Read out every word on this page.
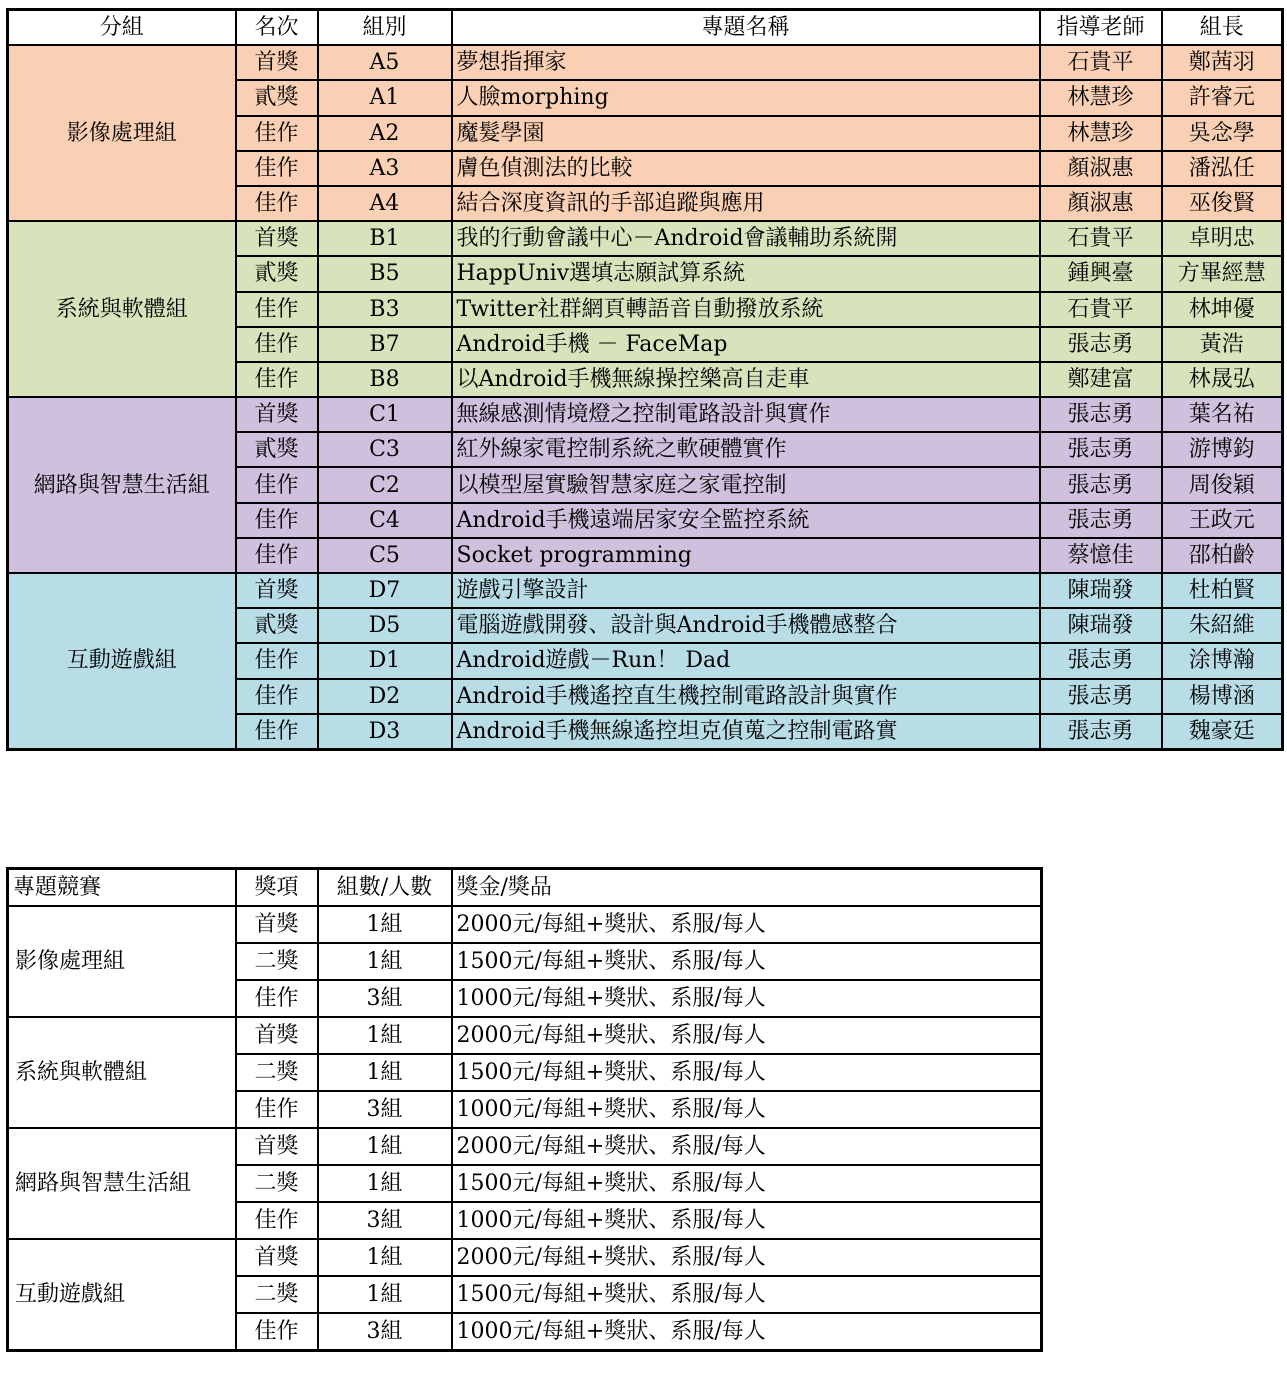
分組	名次	組別	專題名稱	指導老師	組長
影像處理組	首獎	A5	夢想指揮家	石貴平	鄭茜羽
	貳獎	A1	人臉morphing	林慧珍	許睿元
	佳作	A2	魔髮學園	林慧珍	吳念學
	佳作	A3	膚色偵測法的比較	顏淑惠	潘泓任
	佳作	A4	結合深度資訊的手部追蹤與應用	顏淑惠	巫俊賢
系統與軟體組	首獎	B1	我的行動會議中心－Android會議輔助系統開	石貴平	卓明忠
	貳獎	B5	HappUniv選填志願試算系統	鍾興臺	方畢經慧
	佳作	B3	Twitter社群網頁轉語音自動撥放系統	石貴平	林坤優
	佳作	B7	Android手機 － FaceMap	張志勇	黃浩
	佳作	B8	以Android手機無線操控樂高自走車	鄭建富	林晟弘
網路與智慧生活組	首獎	C1	無線感測情境燈之控制電路設計與實作	張志勇	葉名祐
	貳獎	C3	紅外線家電控制系統之軟硬體實作	張志勇	游博鈞
	佳作	C2	以模型屋實驗智慧家庭之家電控制	張志勇	周俊穎
	佳作	C4	Android手機遠端居家安全監控系統	張志勇	王政元
	佳作	C5	Socket programming	蔡憶佳	邵柏齡
互動遊戲組	首獎	D7	遊戲引擎設計	陳瑞發	杜柏賢
	貳獎	D5	電腦遊戲開發、設計與Android手機體感整合	陳瑞發	朱紹維
	佳作	D1	Android遊戲－Run！ Dad	張志勇	涂博瀚
	佳作	D2	Android手機遙控直生機控制電路設計與實作	張志勇	楊博涵
	佳作	D3	Android手機無線遙控坦克偵蒐之控制電路實	張志勇	魏豪廷
專題競賽	獎項	組數/人數	獎金/獎品
影像處理組	首獎	1組	2000元/每組+獎狀、系服/每人
	二獎	1組	1500元/每組+獎狀、系服/每人
	佳作	3組	1000元/每組+獎狀、系服/每人
系統與軟體組	首獎	1組	2000元/每組+獎狀、系服/每人
	二獎	1組	1500元/每組+獎狀、系服/每人
	佳作	3組	1000元/每組+獎狀、系服/每人
網路與智慧生活組	首獎	1組	2000元/每組+獎狀、系服/每人
	二獎	1組	1500元/每組+獎狀、系服/每人
	佳作	3組	1000元/每組+獎狀、系服/每人
互動遊戲組	首獎	1組	2000元/每組+獎狀、系服/每人
	二獎	1組	1500元/每組+獎狀、系服/每人
	佳作	3組	1000元/每組+獎狀、系服/每人
